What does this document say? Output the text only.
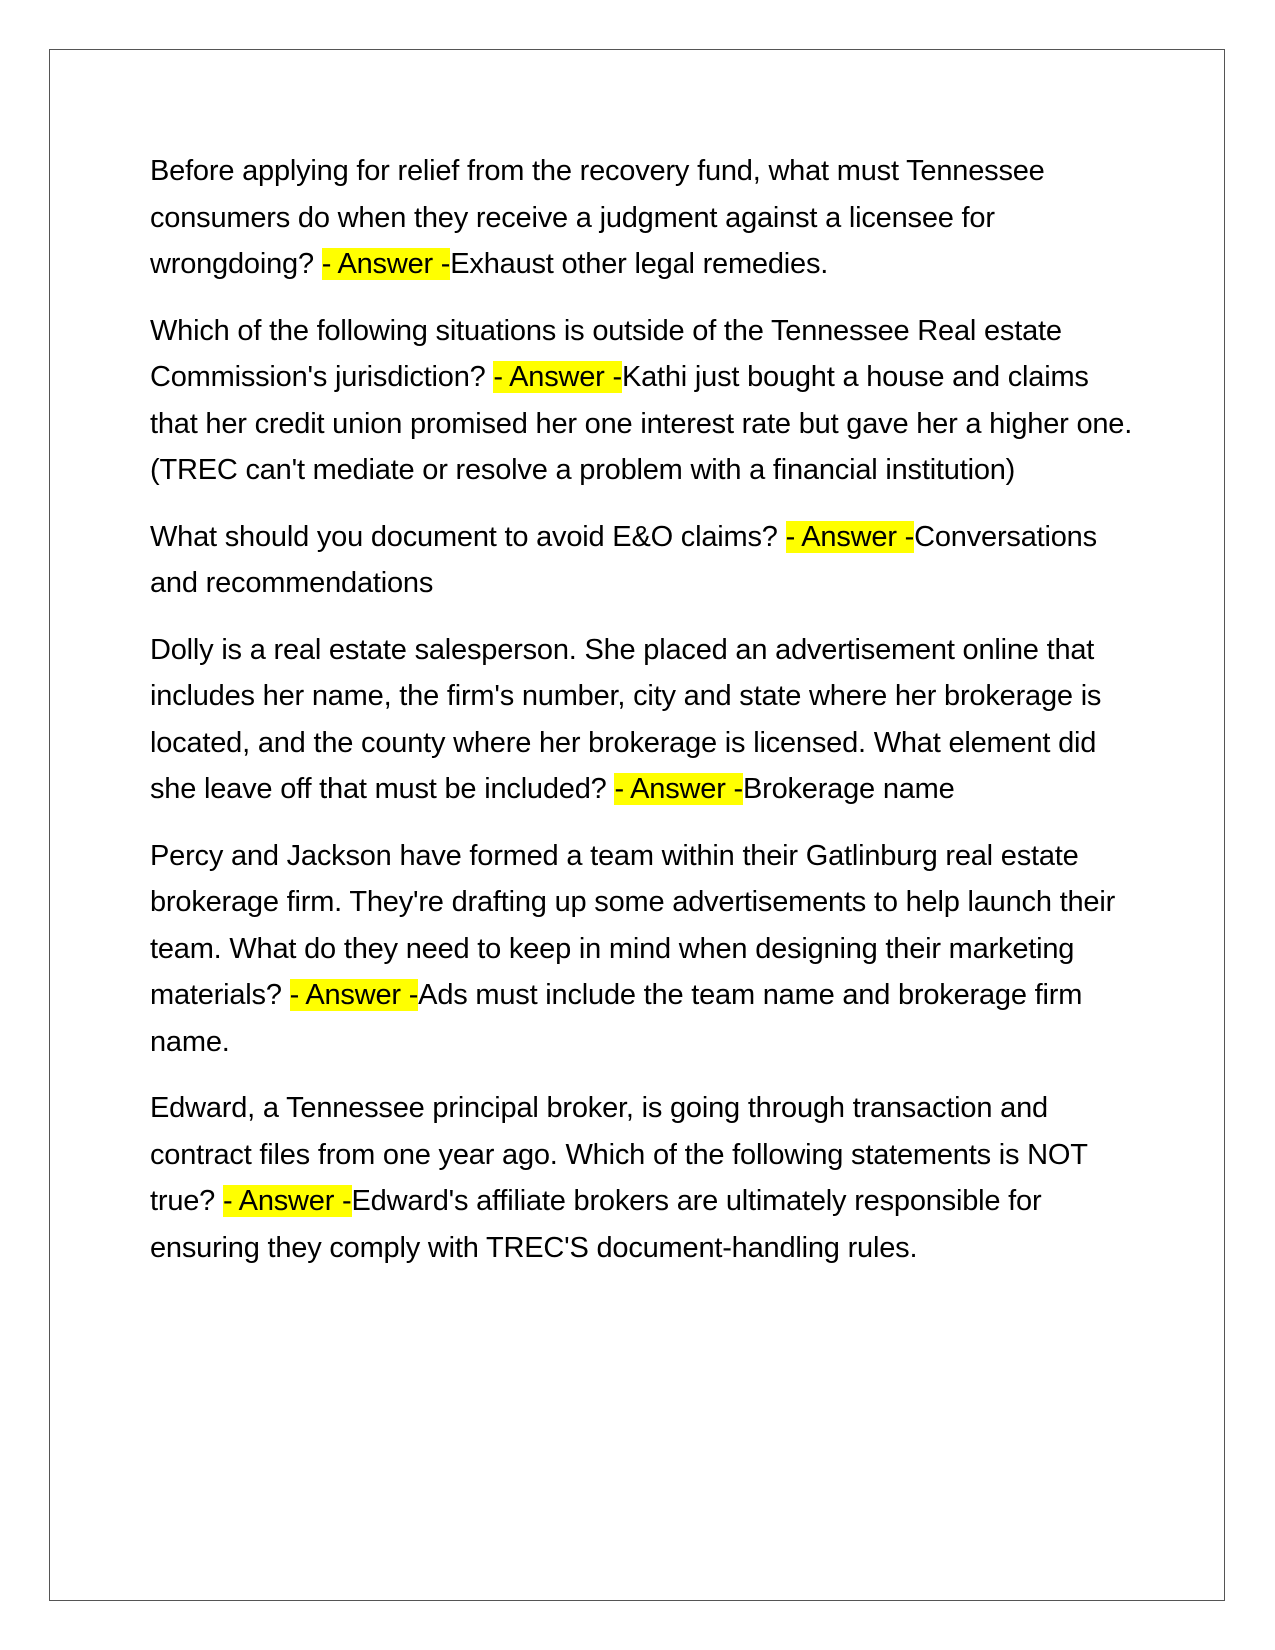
Before applying for relief from the recovery fund, what must Tennessee consumers do when they receive a judgment against a licensee for wrongdoing? - Answer -Exhaust other legal remedies.

Which of the following situations is outside of the Tennessee Real estate Commission's jurisdiction? - Answer -Kathi just bought a house and claims that her credit union promised her one interest rate but gave her a higher one. (TREC can't mediate or resolve a problem with a financial institution)

What should you document to avoid E&O claims? - Answer -Conversations and recommendations

Dolly is a real estate salesperson. She placed an advertisement online that includes her name, the firm's number, city and state where her brokerage is located, and the county where her brokerage is licensed. What element did she leave off that must be included? - Answer -Brokerage name

Percy and Jackson have formed a team within their Gatlinburg real estate brokerage firm. They're drafting up some advertisements to help launch their team. What do they need to keep in mind when designing their marketing materials? - Answer -Ads must include the team name and brokerage firm name.

Edward, a Tennessee principal broker, is going through transaction and contract files from one year ago. Which of the following statements is NOT true? - Answer -Edward's affiliate brokers are ultimately responsible for ensuring they comply with TREC'S document-handling rules.
